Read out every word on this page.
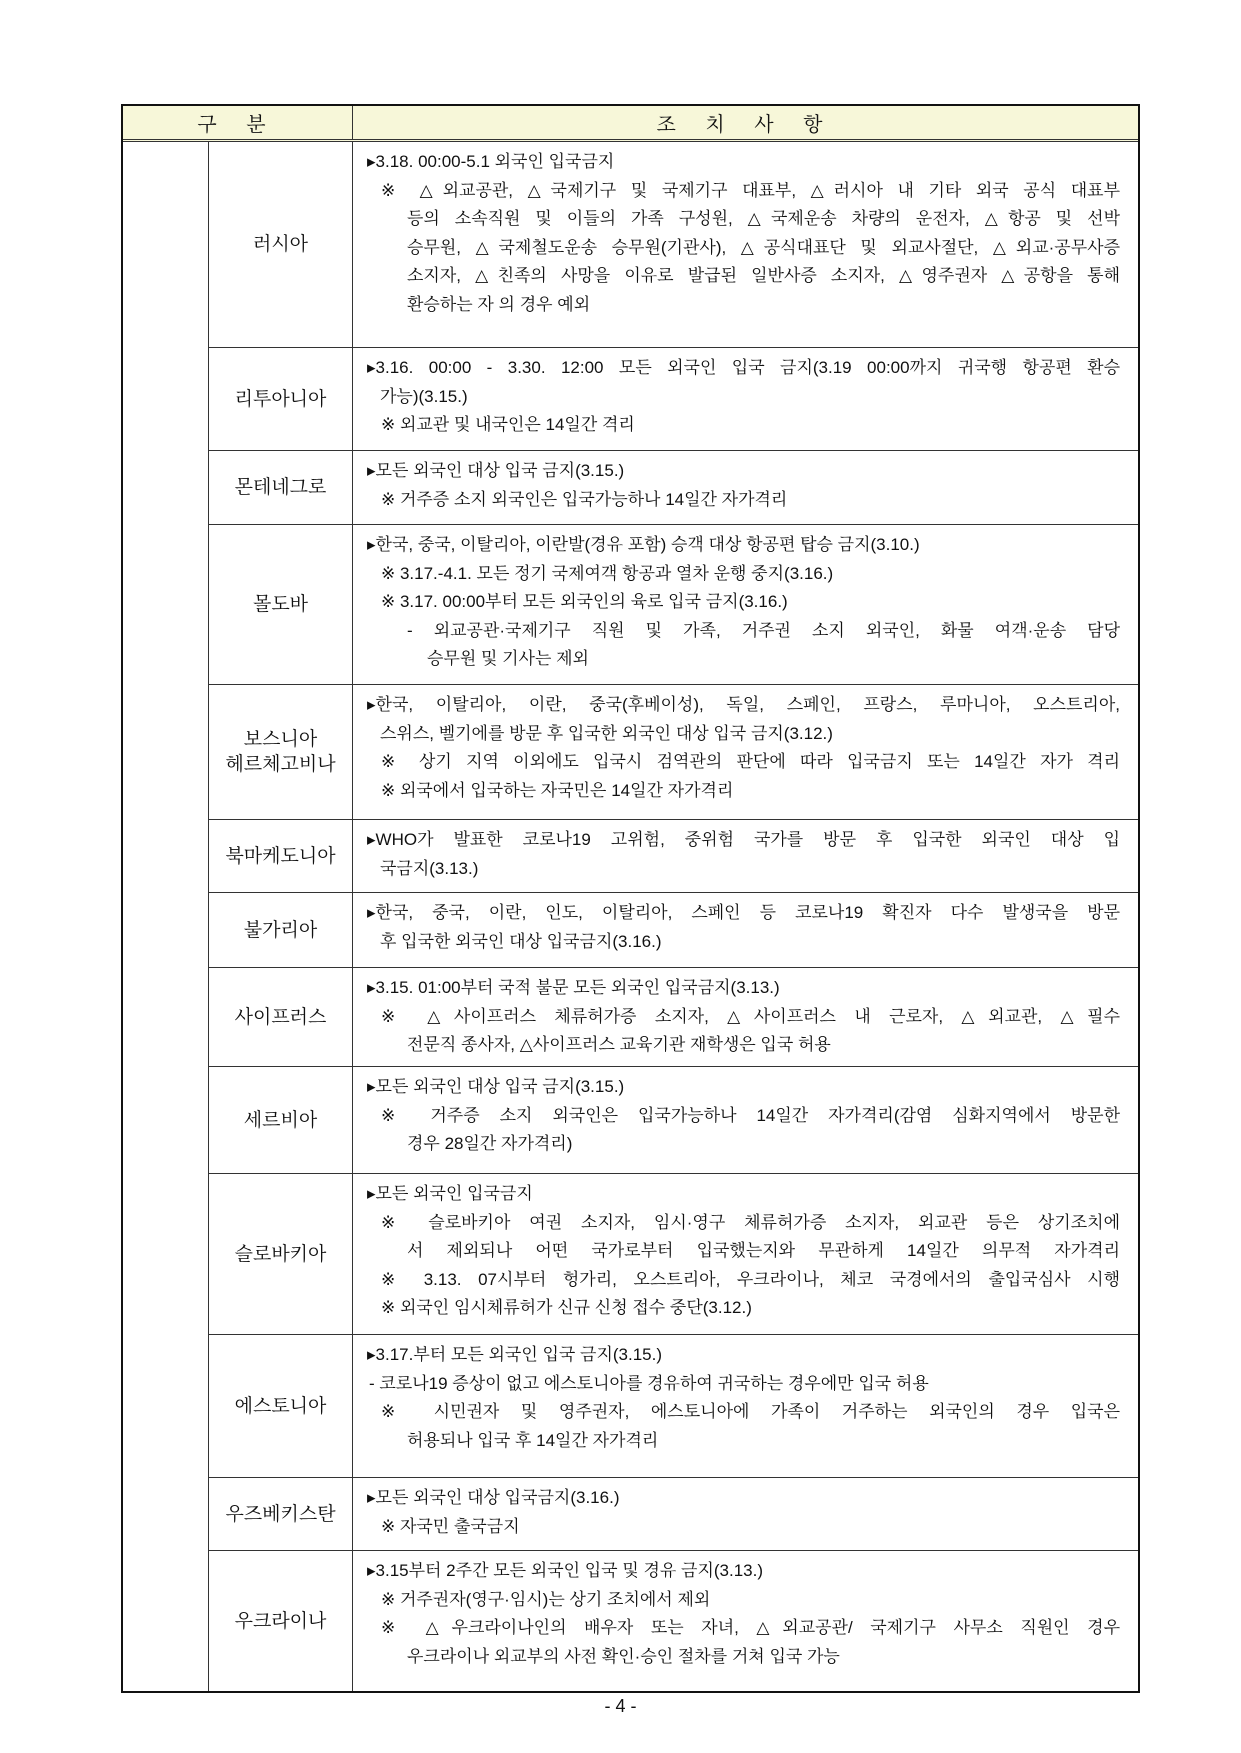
구 분	조 치 사 항
러시아
▸3.18. 00:00-5.1 외국인 입국금지
※ △외교공관, △국제기구 및 국제기구 대표부, △러시아 내 기타 외국 공식 대표부
등의 소속직원 및 이들의 가족 구성원, △국제운송 차량의 운전자, △항공 및 선박
승무원, △국제철도운송 승무원(기관사), △공식대표단 및 외교사절단, △외교·공무사증
소지자, △친족의 사망을 이유로 발급된 일반사증 소지자, △영주권자 △공항을 통해
환승하는 자 의 경우 예외
리투아니아
▸3.16. 00:00 - 3.30. 12:00 모든 외국인 입국 금지(3.19 00:00까지 귀국행 항공편 환승
가능)(3.15.)
※ 외교관 및 내국인은 14일간 격리
몬테네그로
▸모든 외국인 대상 입국 금지(3.15.)
※ 거주증 소지 외국인은 입국가능하나 14일간 자가격리
몰도바
▸한국, 중국, 이탈리아, 이란발(경유 포함) 승객 대상 항공편 탑승 금지(3.10.)
※ 3.17.-4.1. 모든 정기 국제여객 항공과 열차 운행 중지(3.16.)
※ 3.17. 00:00부터 모든 외국인의 육로 입국 금지(3.16.)
- 외교공관·국제기구 직원 및 가족, 거주권 소지 외국인, 화물 여객·운송 담당
승무원 및 기사는 제외
보스니아
헤르체고비나
▸한국, 이탈리아, 이란, 중국(후베이성), 독일, 스페인, 프랑스, 루마니아, 오스트리아,
스위스, 벨기에를 방문 후 입국한 외국인 대상 입국 금지(3.12.)
※ 상기 지역 이외에도 입국시 검역관의 판단에 따라 입국금지 또는 14일간 자가 격리
※ 외국에서 입국하는 자국민은 14일간 자가격리
북마케도니아
▸WHO가 발표한 코로나19 고위험, 중위험 국가를 방문 후 입국한 외국인 대상 입
국금지(3.13.)
불가리아
▸한국, 중국, 이란, 인도, 이탈리아, 스페인 등 코로나19 확진자 다수 발생국을 방문
후 입국한 외국인 대상 입국금지(3.16.)
사이프러스
▸3.15. 01:00부터 국적 불문 모든 외국인 입국금지(3.13.)
※ △사이프러스 체류허가증 소지자, △사이프러스 내 근로자, △외교관, △필수
전문직 종사자, △사이프러스 교육기관 재학생은 입국 허용
세르비아
▸모든 외국인 대상 입국 금지(3.15.)
※ 거주증 소지 외국인은 입국가능하나 14일간 자가격리(감염 심화지역에서 방문한
경우 28일간 자가격리)
슬로바키아
▸모든 외국인 입국금지
※ 슬로바키아 여권 소지자, 임시·영구 체류허가증 소지자, 외교관 등은 상기조치에
서 제외되나 어떤 국가로부터 입국했는지와 무관하게 14일간 의무적 자가격리
※ 3.13. 07시부터 헝가리, 오스트리아, 우크라이나, 체코 국경에서의 출입국심사 시행
※ 외국인 임시체류허가 신규 신청 접수 중단(3.12.)
에스토니아
▸3.17.부터 모든 외국인 입국 금지(3.15.)
- 코로나19 증상이 없고 에스토니아를 경유하여 귀국하는 경우에만 입국 허용
※ 시민권자 및 영주권자, 에스토니아에 가족이 거주하는 외국인의 경우 입국은
허용되나 입국 후 14일간 자가격리
우즈베키스탄
▸모든 외국인 대상 입국금지(3.16.)
※ 자국민 출국금지
우크라이나
▸3.15부터 2주간 모든 외국인 입국 및 경유 금지(3.13.)
※ 거주권자(영구·임시)는 상기 조치에서 제외
※ △우크라이나인의 배우자 또는 자녀, △외교공관/ 국제기구 사무소 직원인 경우
우크라이나 외교부의 사전 확인·승인 절차를 거쳐 입국 가능
- 4 -
